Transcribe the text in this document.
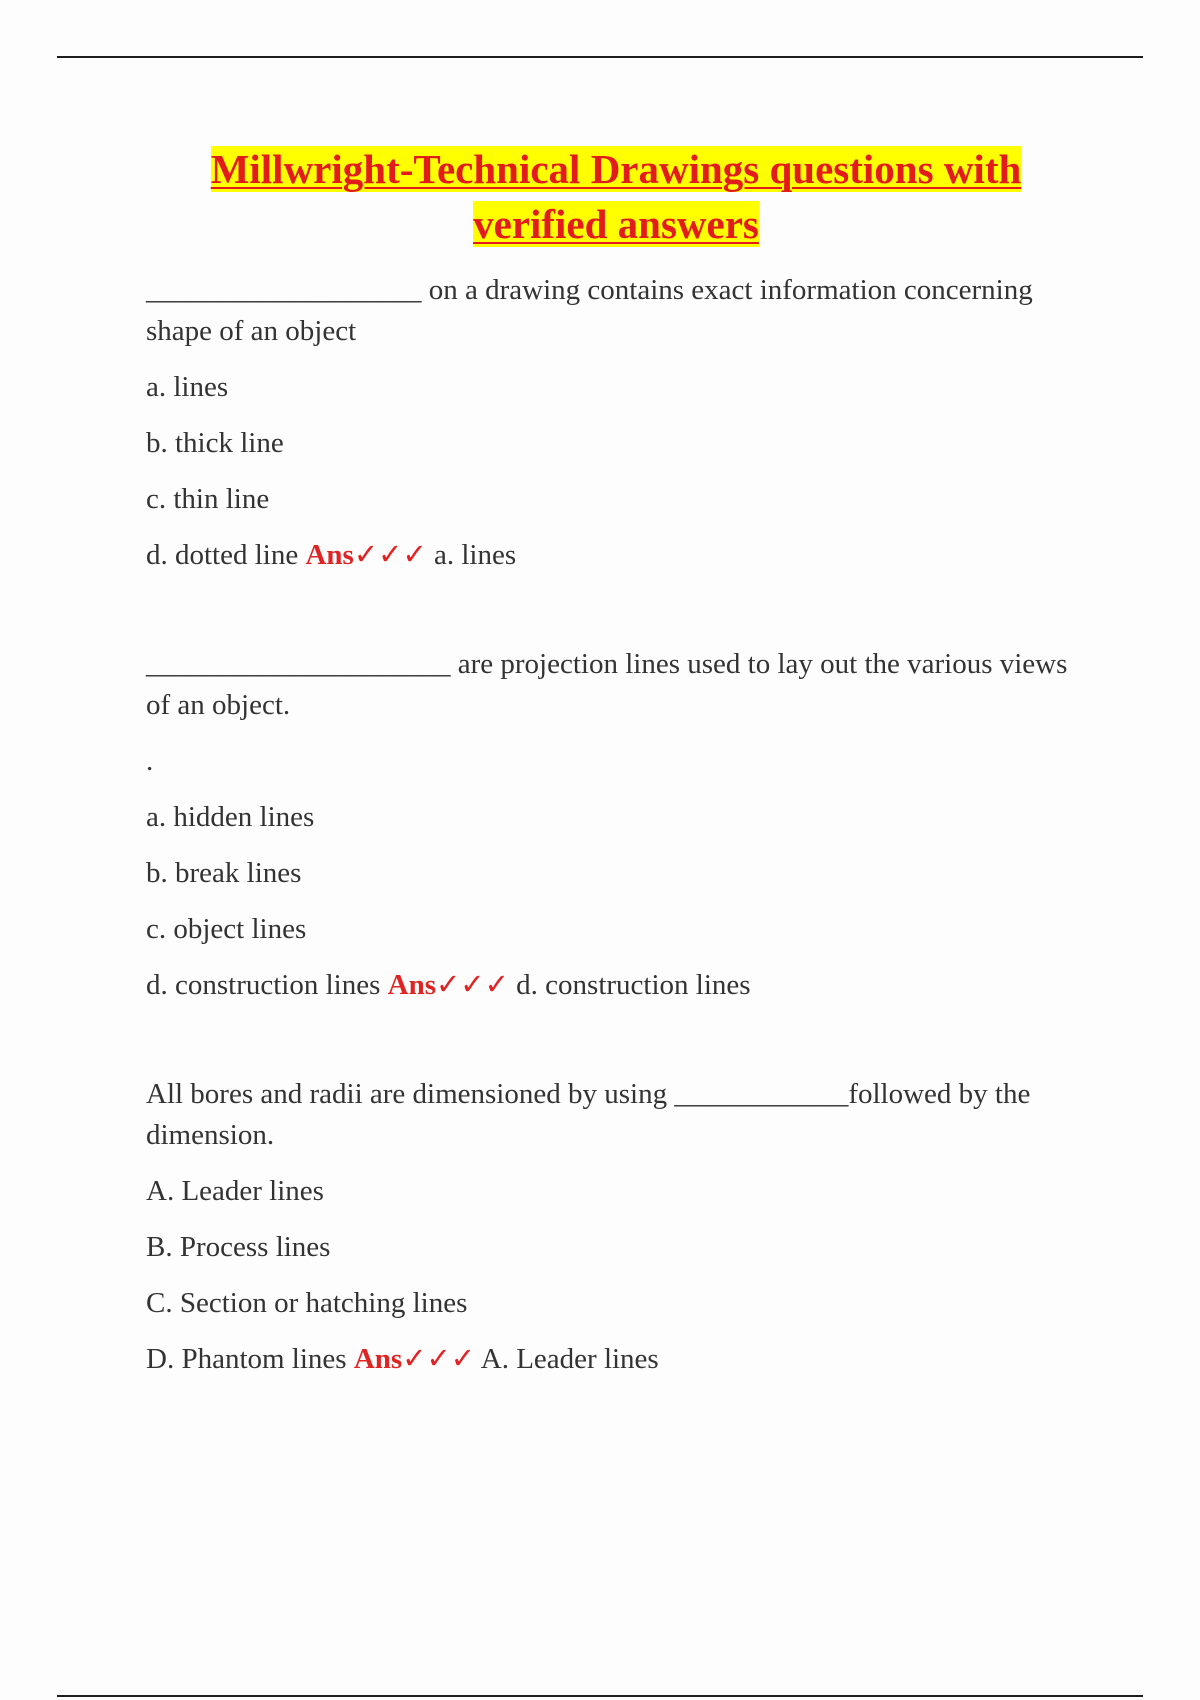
Millwright-Technical Drawings questions with
verified answers

___________________ on a drawing contains exact information concerning shape of an object

a. lines

b. thick line

c. thin line

d. dotted line Ans✓✓✓ a. lines

_____________________ are projection lines used to lay out the various views of an object.

.

a. hidden lines

b. break lines

c. object lines

d. construction lines Ans✓✓✓ d. construction lines

All bores and radii are dimensioned by using ____________followed by the dimension.

A. Leader lines

B. Process lines

C. Section or hatching lines

D. Phantom lines Ans✓✓✓ A. Leader lines
